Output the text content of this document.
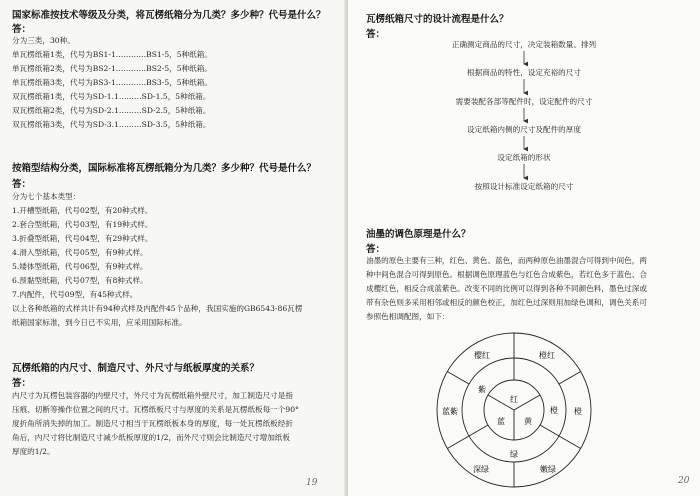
国家标准按技术等级及分类，将瓦楞纸箱分为几类？多少种？代号是什么？
答：
分为三类，30种。
单瓦楞纸箱1类，代号为BS1-1…………BS1-5，5种纸箱。
单瓦楞纸箱2类，代号为BS2-1…………BS2-5，5种纸箱。
单瓦楞纸箱3类，代号为BS3-1…………BS3-5，5种纸箱。
双瓦楞纸箱1类，代号为SD-1.1………SD-1.5，5种纸箱。
双瓦楞纸箱2类，代号为SD-2.1………SD-2.5，5种纸箱。
双瓦楞纸箱3类，代号为SD-3.1………SD-3.5，5种纸箱。
按箱型结构分类，国际标准将瓦楞纸箱分为几类？多少种？代号是什么？
答：
分为七个基本类型：
1.开槽型纸箱，代号02型，有20种式样。
2.套合型纸箱，代号03型，有19种式样。
3.折叠型纸箱，代号04型，有29种式样。
4.滑入型纸箱，代号05型，有9种式样。
5.矮体型纸箱，代号06型，有9种式样。
6.预黏型纸箱，代号07型，有8种式样。
7.内配件，代号09型，有45种式样。
以上各种纸箱的式样共计有94种式样及内配件45个品种，我国实施的GB6543-86瓦楞
纸箱国家标准，到今日已不实用，应采用国际标准。
瓦楞纸箱的内尺寸、制造尺寸、外尺寸与纸板厚度的关系？
答：
内尺寸为瓦楞包装容器的内壁尺寸，外尺寸为瓦楞纸箱外壁尺寸，加工制造尺寸是指
压痕、切断等操作位置之间的尺寸。瓦楞纸板尺寸与厚度的关系是瓦楞纸板每一个90°
度折角所消失掉的加工。制造尺寸相当于瓦楞纸板本身的厚度，每一处瓦楞纸板经折
角后，内尺寸将比制造尺寸减少纸板厚度的1/2，而外尺寸则会比制造尺寸增加纸板
厚度的1/2。
19
瓦楞纸箱尺寸的设计流程是什么？
答：
正确测定商品的尺寸，决定装箱数量、排列
根据商品的特性，设定充裕的尺寸
需要装配各部等配件时，设定配件的尺寸
设定纸箱内侧的尺寸及配件的厚度
设定纸箱的形状
按照设计标准设定纸箱的尺寸
油墨的调色原理是什么？
答：
油墨的原色主要有三种，红色、黄色、蓝色，而两种原色油墨混合可得到中间色，两
种中间色混合可得到原色。根据调色原理蓝色与红色合成紫色，若红色多于蓝色、合
成樱红色，相反合成蓝紫色。改变不同的比例可以得到各种不同颜色料，墨色过深或
带有杂色则多采用相邻或相反的颜色校正，加红色过深则用加绿色调和，调色关系可
参照色相调配图，如下：
樱红	橙红
橙
嫩绿
深绿
蓝紫
紫
橙
绿
红
黄
蓝
20
